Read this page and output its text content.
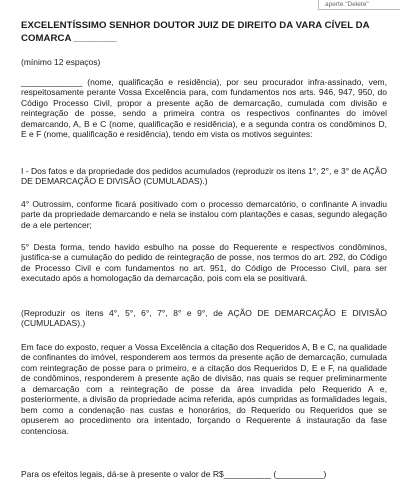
aperte "Delete"

EXCELENTÍSSIMO SENHOR DOUTOR JUIZ DE DIREITO DA VARA CÍVEL DA COMARCA ________

(mínimo 12 espaços)

_____________ (nome, qualificação e residência), por seu procurador infra-assinado, vem, respeitosamente perante Vossa Excelência para, com fundamentos nos arts. 946, 947, 950, do Código Processo Civil, propor a presente ação de demarcação, cumulada com divisão e reintegração de posse, sendo a primeira contra os respectivos confinantes do imóvel demarcando, A, B e C (nome, qualificação e residência), e a segunda contra os condôminos D, E e F (nome, qualificação e residência), tendo em vista os motivos seguintes:

I - Dos fatos e da propriedade dos pedidos acumulados (reproduzir os itens 1°, 2°, e 3° de AÇÃO DE DEMARCAÇÃO E DIVISÃO (CUMULADAS).)

4° Outrossim, conforme ficará positivado com o processo demarcatório, o confinante A invadiu parte da propriedade demarcando e nela se instalou com plantações e casas, segundo alegação de a ele pertencer;

5° Desta forma, tendo havido esbulho na posse do Requerente e respectivos condôminos, justifica-se a cumulação do pedido de reintegração de posse, nos termos do art. 292, do Código de Processo Civil e com fundamentos no art. 951, do Código de Processo Civil, para ser executado após a homologação da demarcação, pois com ela se positivará.

(Reproduzir os itens 4°, 5°, 6°, 7°, 8° e 9°, de AÇÃO DE DEMARCAÇÃO E DIVISÃO (CUMULADAS).)

Em face do exposto, requer a Vossa Excelência a citação dos Requeridos A, B e C, na qualidade de confinantes do imóvel, responderem aos termos da presente ação de demarcação, cumulada com reintegração de posse para o primeiro, e a citação dos Requeridos D, E e F, na qualidade de condôminos, responderem à presente ação de divisão, nas quais se requer preliminarmente a demarcação com a reintegração de posse da área invadida pelo Requerido A e, posteriormente, a divisão da propriedade acima referida, após cumpridas as formalidades legais, bem como a condenação nas custas e honorários, do Requerido ou Requeridos que se opuserem ao procedimento ora intentado, forçando o Requerente à instauração da fase contenciosa.

Para os efeitos legais, dá-se à presente o valor de R$__________ (__________)
